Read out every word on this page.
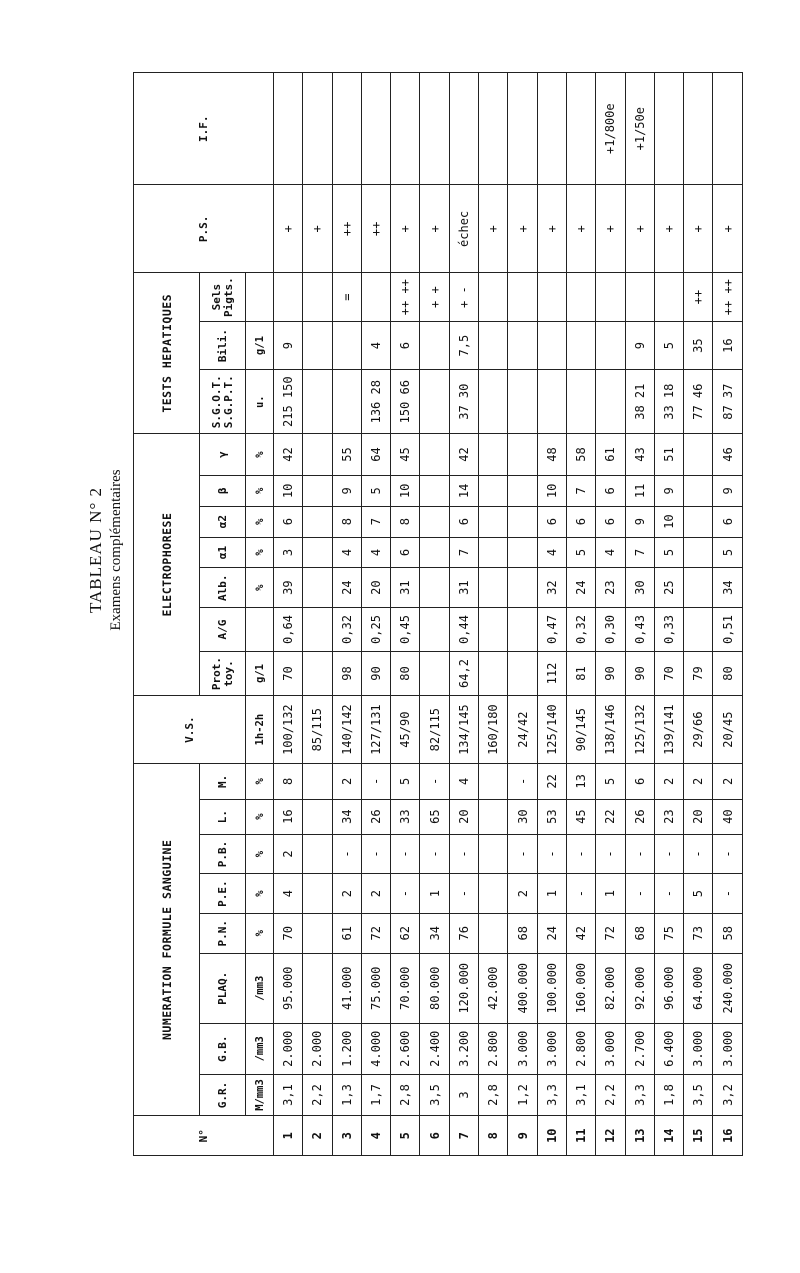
TABLEAU N° 2 Examens complémentaires
N°	NUMERATION FORMULE SANGUINE								V.S.	ELECTROPHORESE							TESTS HEPATIQUES			P.S.	I.F.
	G.R.	G.B.	PLAQ.	P.N.	P.E.	P.B.	L.	M.		Prot. toy.	A/G	Alb.	α1	α2	β	γ	S.G.O.T. S.G.P.T.	Bili.	Sels Pigts.		
	M/mm3	/mm3	/mm3	%	%	%	%	%	1h-2h	g/1		%	%	%	%	%	u.	g/1			
1	3,1	2.000	95.000	70	4	2	16	8	100/132	70	0,64	39	3	6	10	42	215 150	9		+	
2	2,2	2.000							85/115											+	
3	1,3	1.200	41.000	61	2	-	34	2	140/142	98	0,32	24	4	8	9	55			=	++	
4	1,7	4.000	75.000	72	2	-	26	-	127/131	90	0,25	20	4	7	5	64	136 28	4		++	
5	2,8	2.600	70.000	62	-	-	33	5	45/90	80	0,45	31	6	8	10	45	150 66	6	++ ++	+	
6	3,5	2.400	80.000	34	1	-	65	-	82/115										+ +	+	
7	3	3.200	120.000	76	-	-	20	4	134/145	64,2	0,44	31	7	6	14	42	37 30	7,5	+ -	échec	
8	2,8	2.800	42.000						160/180											+	
9	1,2	3.000	400.000	68	2	-	30	-	24/42											+	
10	3,3	3.000	100.000	24	1	-	53	22	125/140	112	0,47	32	4	6	10	48				+	
11	3,1	2.800	160.000	42	-	-	45	13	90/145	81	0,32	24	5	6	7	58				+	
12	2,2	3.000	82.000	72	1	-	22	5	138/146	90	0,30	23	4	6	6	61				+	+1/800e
13	3,3	2.700	92.000	68	-	-	26	6	125/132	90	0,43	30	7	9	11	43	38 21	9		+	+1/50e
14	1,8	6.400	96.000	75	-	-	23	2	139/141	70	0,33	25	5	10	9	51	33 18	5		+	
15	3,5	3.000	64.000	73	5	-	20	2	29/66	79							77 46	35	++	+	
16	3,2	3.000	240.000	58	-	-	40	2	20/45	80	0,51	34	5	6	9	46	87 37	16	++ ++	+	
